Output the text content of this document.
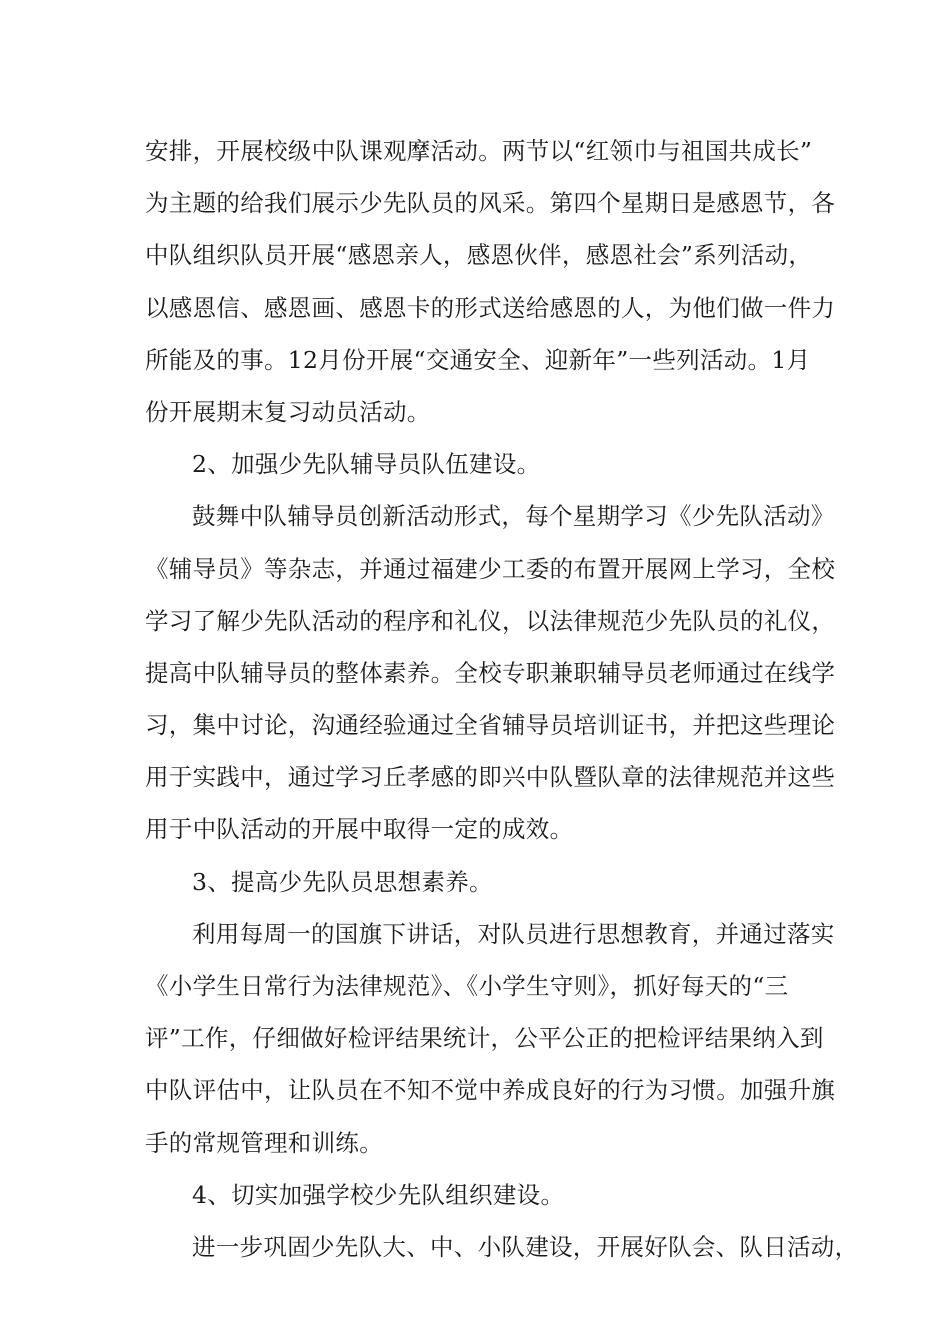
安排，开展校级中队课观摩活动。两节以“红领巾与祖国共成长”
为主题的给我们展示少先队员的风采。第四个星期日是感恩节，各
中队组织队员开展“感恩亲人，感恩伙伴，感恩社会”系列活动，
以感恩信、感恩画、感恩卡的形式送给感恩的人，为他们做一件力
所能及的事。12月份开展“交通安全、迎新年”一些列活动。1月
份开展期末复习动员活动。
2、加强少先队辅导员队伍建设。
鼓舞中队辅导员创新活动形式，每个星期学习《少先队活动》
《辅导员》等杂志，并通过福建少工委的布置开展网上学习，全校
学习了解少先队活动的程序和礼仪，以法律规范少先队员的礼仪，
提高中队辅导员的整体素养。全校专职兼职辅导员老师通过在线学
习，集中讨论，沟通经验通过全省辅导员培训证书，并把这些理论
用于实践中，通过学习丘孝感的即兴中队暨队章的法律规范并这些
用于中队活动的开展中取得一定的成效。
3、提高少先队员思想素养。
利用每周一的国旗下讲话，对队员进行思想教育，并通过落实
《小学生日常行为法律规范》、《小学生守则》，抓好每天的“三
评”工作，仔细做好检评结果统计，公平公正的把检评结果纳入到
中队评估中，让队员在不知不觉中养成良好的行为习惯。加强升旗
手的常规管理和训练。
4、切实加强学校少先队组织建设。
进一步巩固少先队大、中、小队建设，开展好队会、队日活动，
